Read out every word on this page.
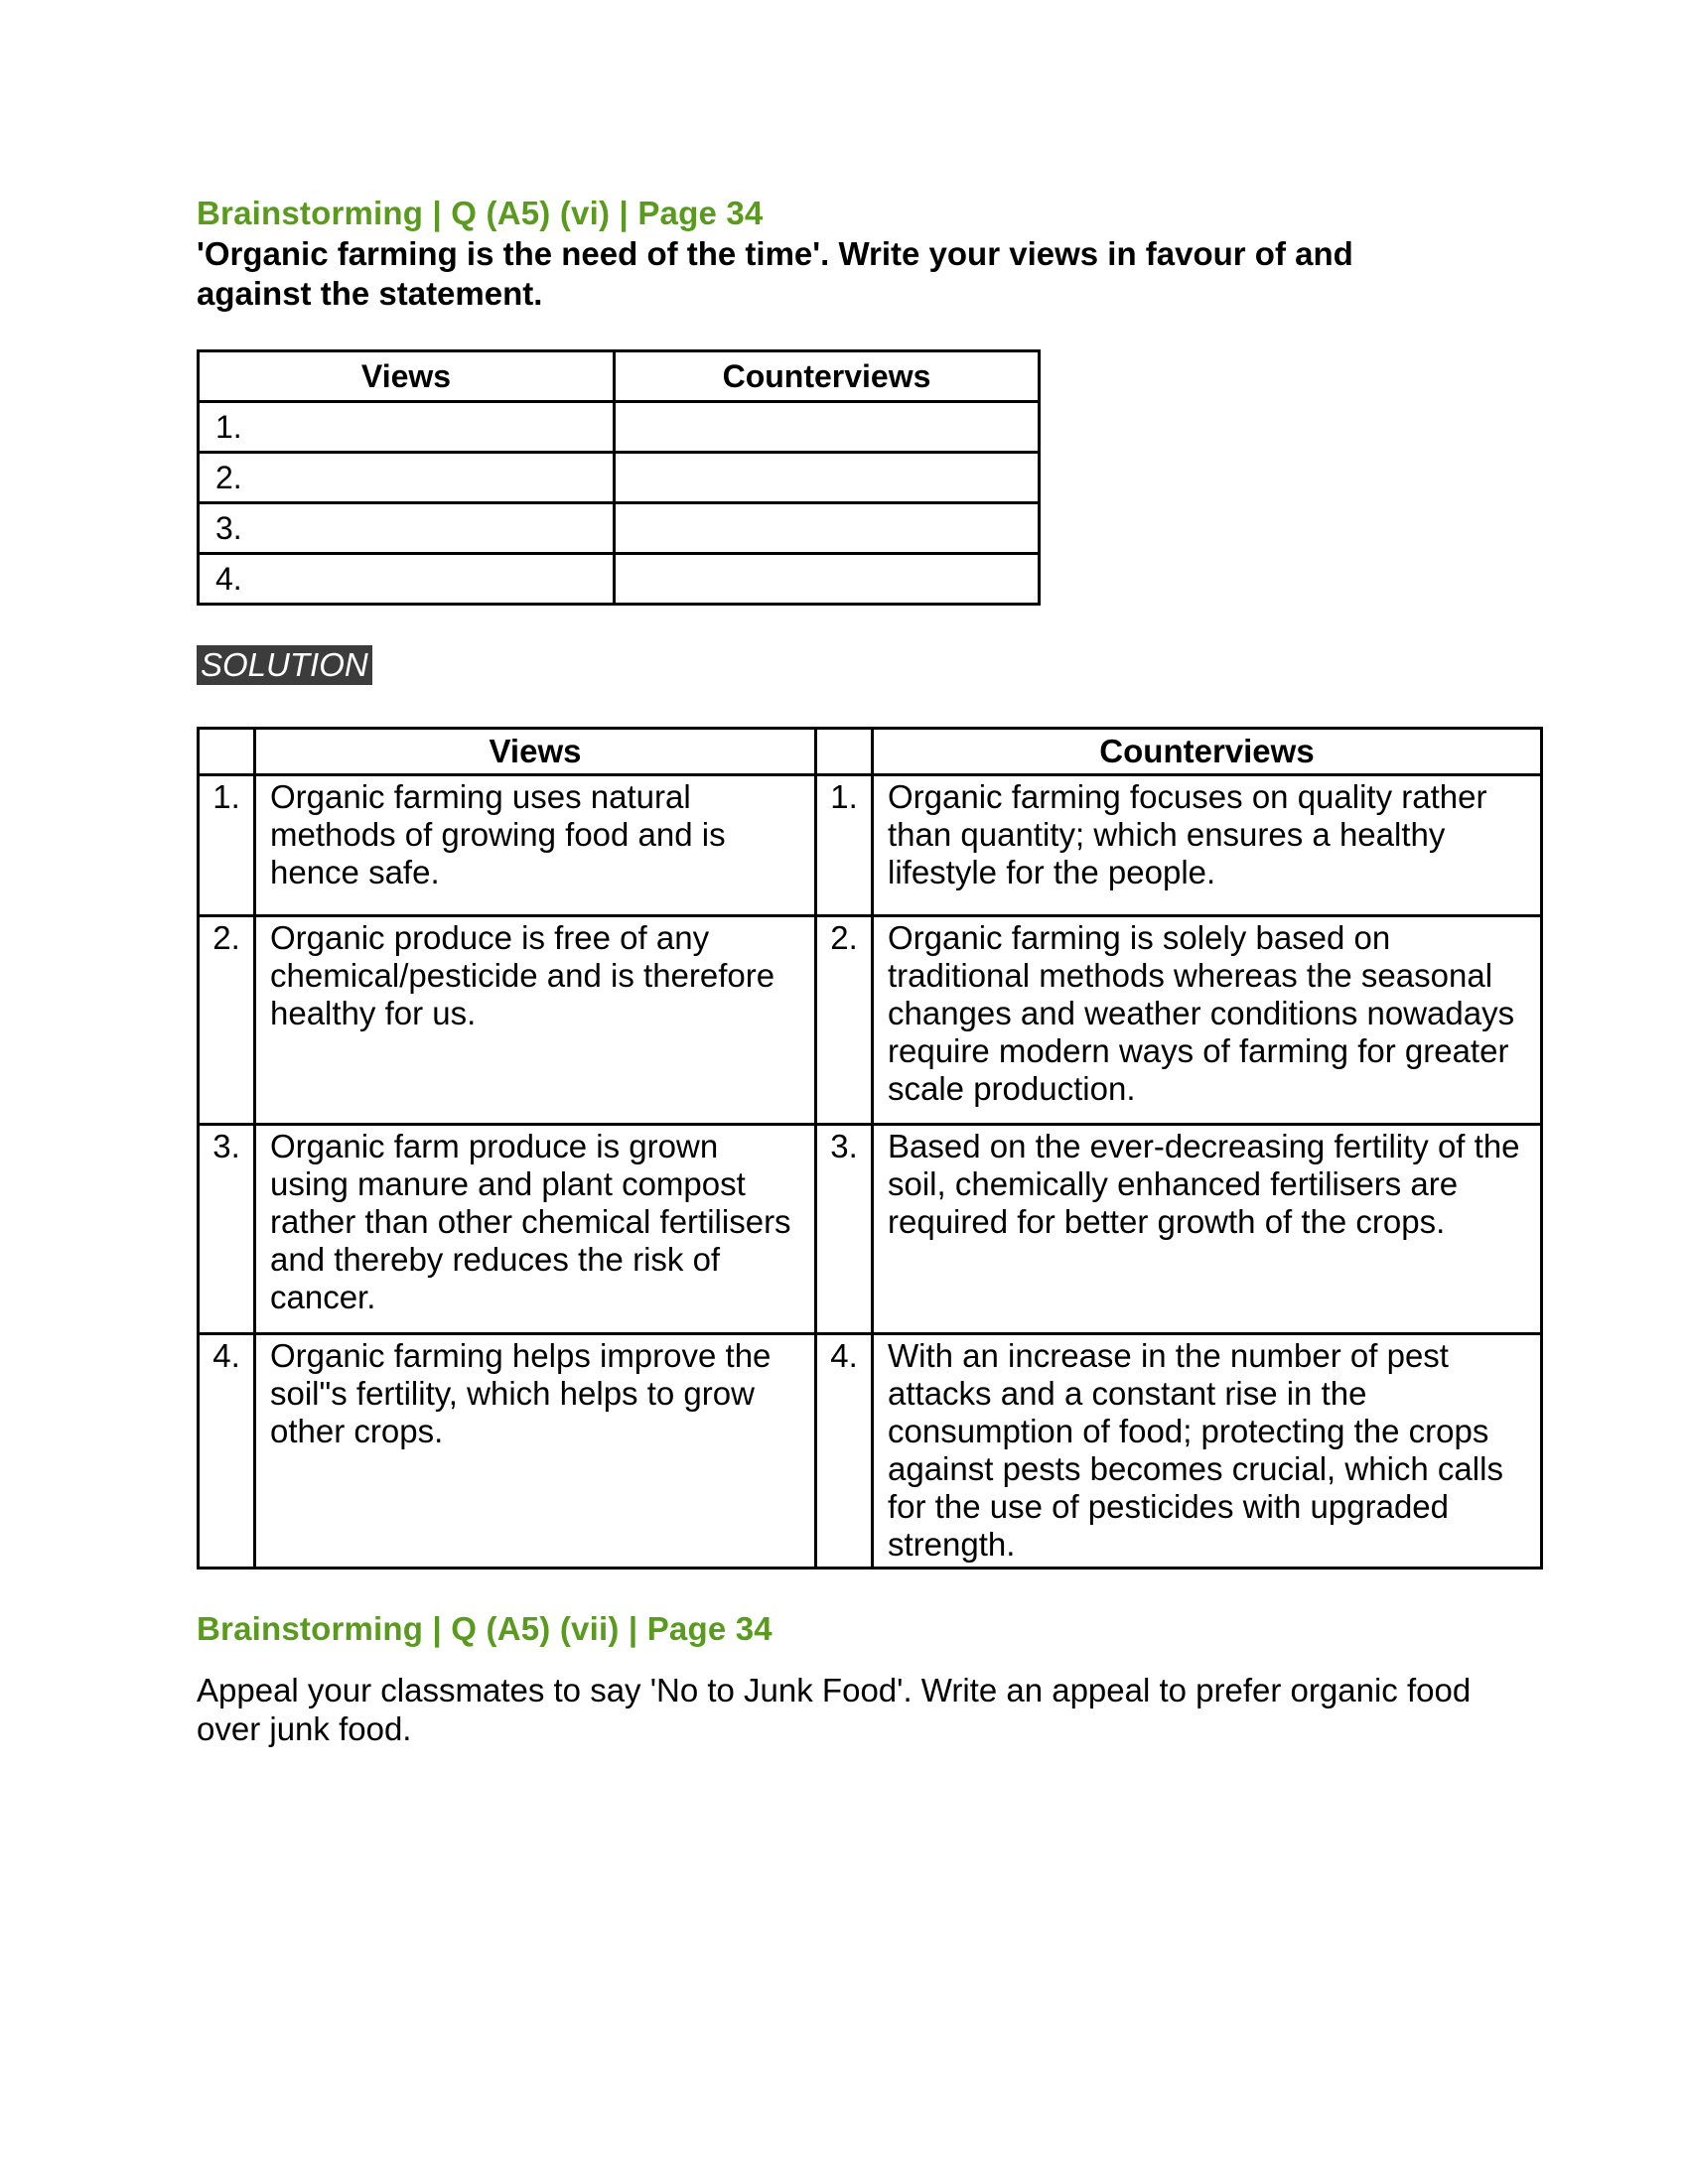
Brainstorming | Q (A5) (vi) | Page 34
'Organic farming is the need of the time'. Write your views in favour of and against the statement.
Views	Counterviews
1.	
2.	
3.	
4.	
SOLUTION
	Views		Counterviews
1.	Organic farming uses natural methods of growing food and is hence safe.	1.	Organic farming focuses on quality rather than quantity; which ensures a healthy lifestyle for the people.
2.	Organic produce is free of any chemical/pesticide and is therefore healthy for us.	2.	Organic farming is solely based on traditional methods whereas the seasonal changes and weather conditions nowadays require modern ways of farming for greater scale production.
3.	Organic farm produce is grown using manure and plant compost rather than other chemical fertilisers and thereby reduces the risk of cancer.	3.	Based on the ever-decreasing fertility of the soil, chemically enhanced fertilisers are required for better growth of the crops.
4.	Organic farming helps improve the soil"s fertility, which helps to grow other crops.	4.	With an increase in the number of pest attacks and a constant rise in the consumption of food; protecting the crops against pests becomes crucial, which calls for the use of pesticides with upgraded strength.
Brainstorming | Q (A5) (vii) | Page 34
Appeal your classmates to say 'No to Junk Food'. Write an appeal to prefer organic food over junk food.
